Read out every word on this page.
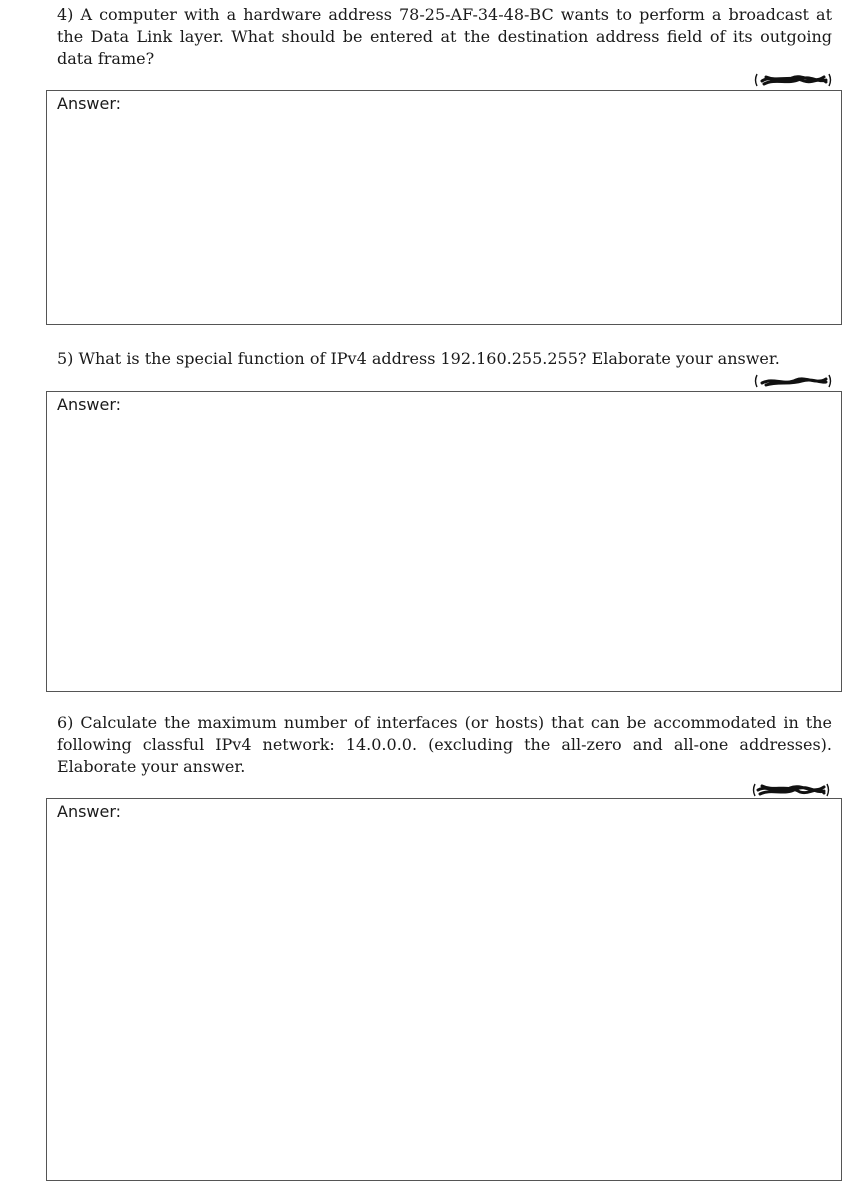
4) A computer with a hardware address 78-25-AF-34-48-BC wants to perform a broadcast at the Data Link layer. What should be entered at the destination address field of its outgoing data frame?

Answer:

5) What is the special function of IPv4 address 192.160.255.255? Elaborate your answer.

Answer:

6) Calculate the maximum number of interfaces (or hosts) that can be accommodated in the following classful IPv4 network: 14.0.0.0. (excluding the all-zero and all-one addresses). Elaborate your answer.

Answer:
